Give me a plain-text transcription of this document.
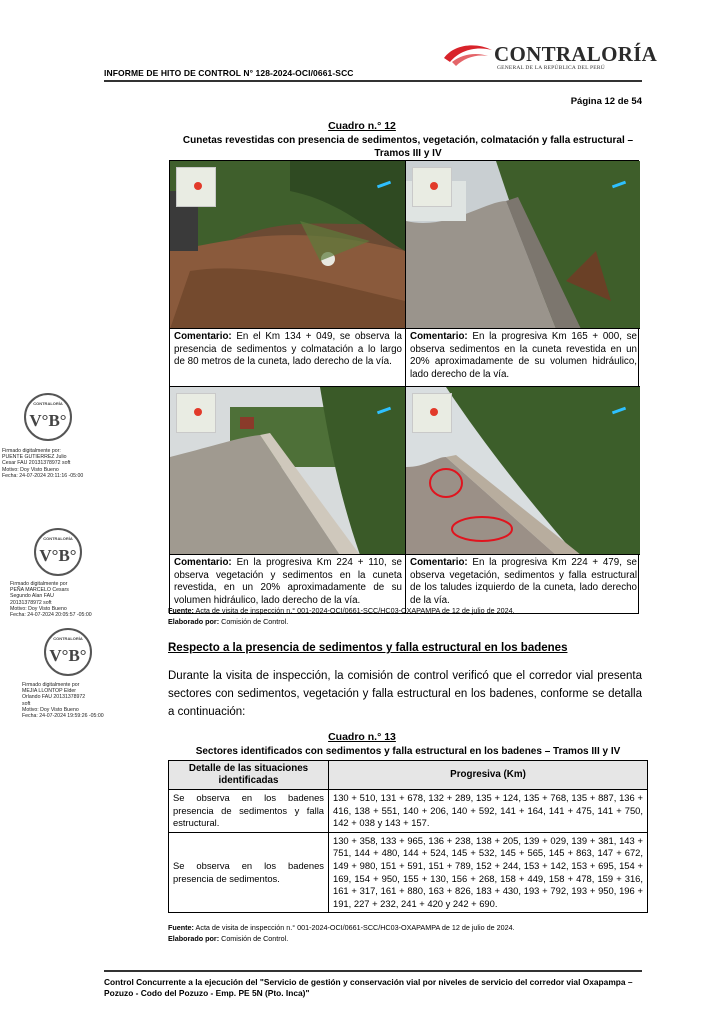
INFORME DE HITO DE CONTROL N° 128-2024-OCI/0661-SCC
CONTRALORÍA
GENERAL DE LA REPÚBLICA DEL PERÚ
Página 12 de 54
Cuadro n.° 12
Cunetas revestidas con presencia de sedimentos, vegetación, colmatación y falla estructural – Tramos III y IV
Comentario: En el Km 134 + 049, se observa la presencia de sedimentos y colmatación a lo largo de 80 metros de la cuneta, lado derecho de la vía.
Comentario: En la progresiva Km 165 + 000, se observa sedimentos en la cuneta revestida en un 20% aproximadamente de su volumen hidráulico, lado derecho de la vía.
Comentario: En la progresiva Km 224 + 110, se observa vegetación y sedimentos en la cuneta revestida, en un 20% aproximadamente de su volumen hidráulico, lado derecho de la vía.
Comentario: En la progresiva Km 224 + 479, se observa vegetación, sedimentos y falla estructural de los taludes izquierdo de la cuneta, lado derecho de la vía.
Fuente: Acta de visita de inspección n.° 001-2024-OCI/0661-SCC/HC03-OXAPAMPA de 12 de julio de 2024.
Elaborado por: Comisión de Control.
Respecto a la presencia de sedimentos y falla estructural en los badenes
Durante la visita de inspección, la comisión de control verificó que el corredor vial presenta sectores con sedimentos, vegetación y falla estructural en los badenes, conforme se detalla a continuación:
Cuadro n.° 13
Sectores identificados con sedimentos y falla estructural en los badenes – Tramos III y IV
Detalle de las situaciones identificadas	Progresiva (Km)
Se observa en los badenes presencia de sedimentos y falla estructural.	130 + 510, 131 + 678, 132 + 289, 135 + 124, 135 + 768, 135 + 887, 136 + 416, 138 + 551, 140 + 206, 140 + 592, 141 + 164, 141 + 475, 141 + 750, 142 + 038 y 143 + 157.
Se observa en los badenes presencia de sedimentos.	130 + 358, 133 + 965, 136 + 238, 138 + 205, 139 + 029, 139 + 381, 143 + 751, 144 + 480, 144 + 524, 145 + 532, 145 + 565, 145 + 863, 147 + 672, 149 + 980, 151 + 591, 151 + 789, 152 + 244, 153 + 142, 153 + 695, 154 + 169, 154 + 950, 155 + 130, 156 + 268, 158 + 449, 158 + 478, 159 + 316, 161 + 317, 161 + 880, 163 + 826, 183 + 430, 193 + 792, 193 + 950, 196 + 191, 227 + 232, 241 + 420 y 242 + 690.
Fuente: Acta de visita de inspección n.° 001-2024-OCI/0661-SCC/HC03-OXAPAMPA de 12 de julio de 2024.
Elaborado por: Comisión de Control.
CONTRALORÍA
V°B°
Firmado digitalmente por:
PUENTE GUTIERREZ Julio
Cesar FAU 20131378972 soft
Motivo: Doy Visto Bueno
Fecha: 24-07-2024 20:11:16 -05:00
CONTRALORÍA
V°B°
Firmado digitalmente por
PEÑA MARCELO Cesars
Segundo Alan FAU
20131378972 soft
Motivo: Doy Visto Bueno
Fecha: 24-07-2024 20:05:57 -05:00
CONTRALORÍA
V°B°
Firmado digitalmente por
MEJIA LLONTOP Elder
Orlando FAU 20131378972
soft
Motivo: Doy Visto Bueno
Fecha: 24-07-2024 19:59:26 -05:00
Control Concurrente a la ejecución del "Servicio de gestión y conservación vial por niveles de servicio del corredor vial Oxapampa – Pozuzo - Codo del Pozuzo - Emp. PE 5N (Pto. Inca)"
